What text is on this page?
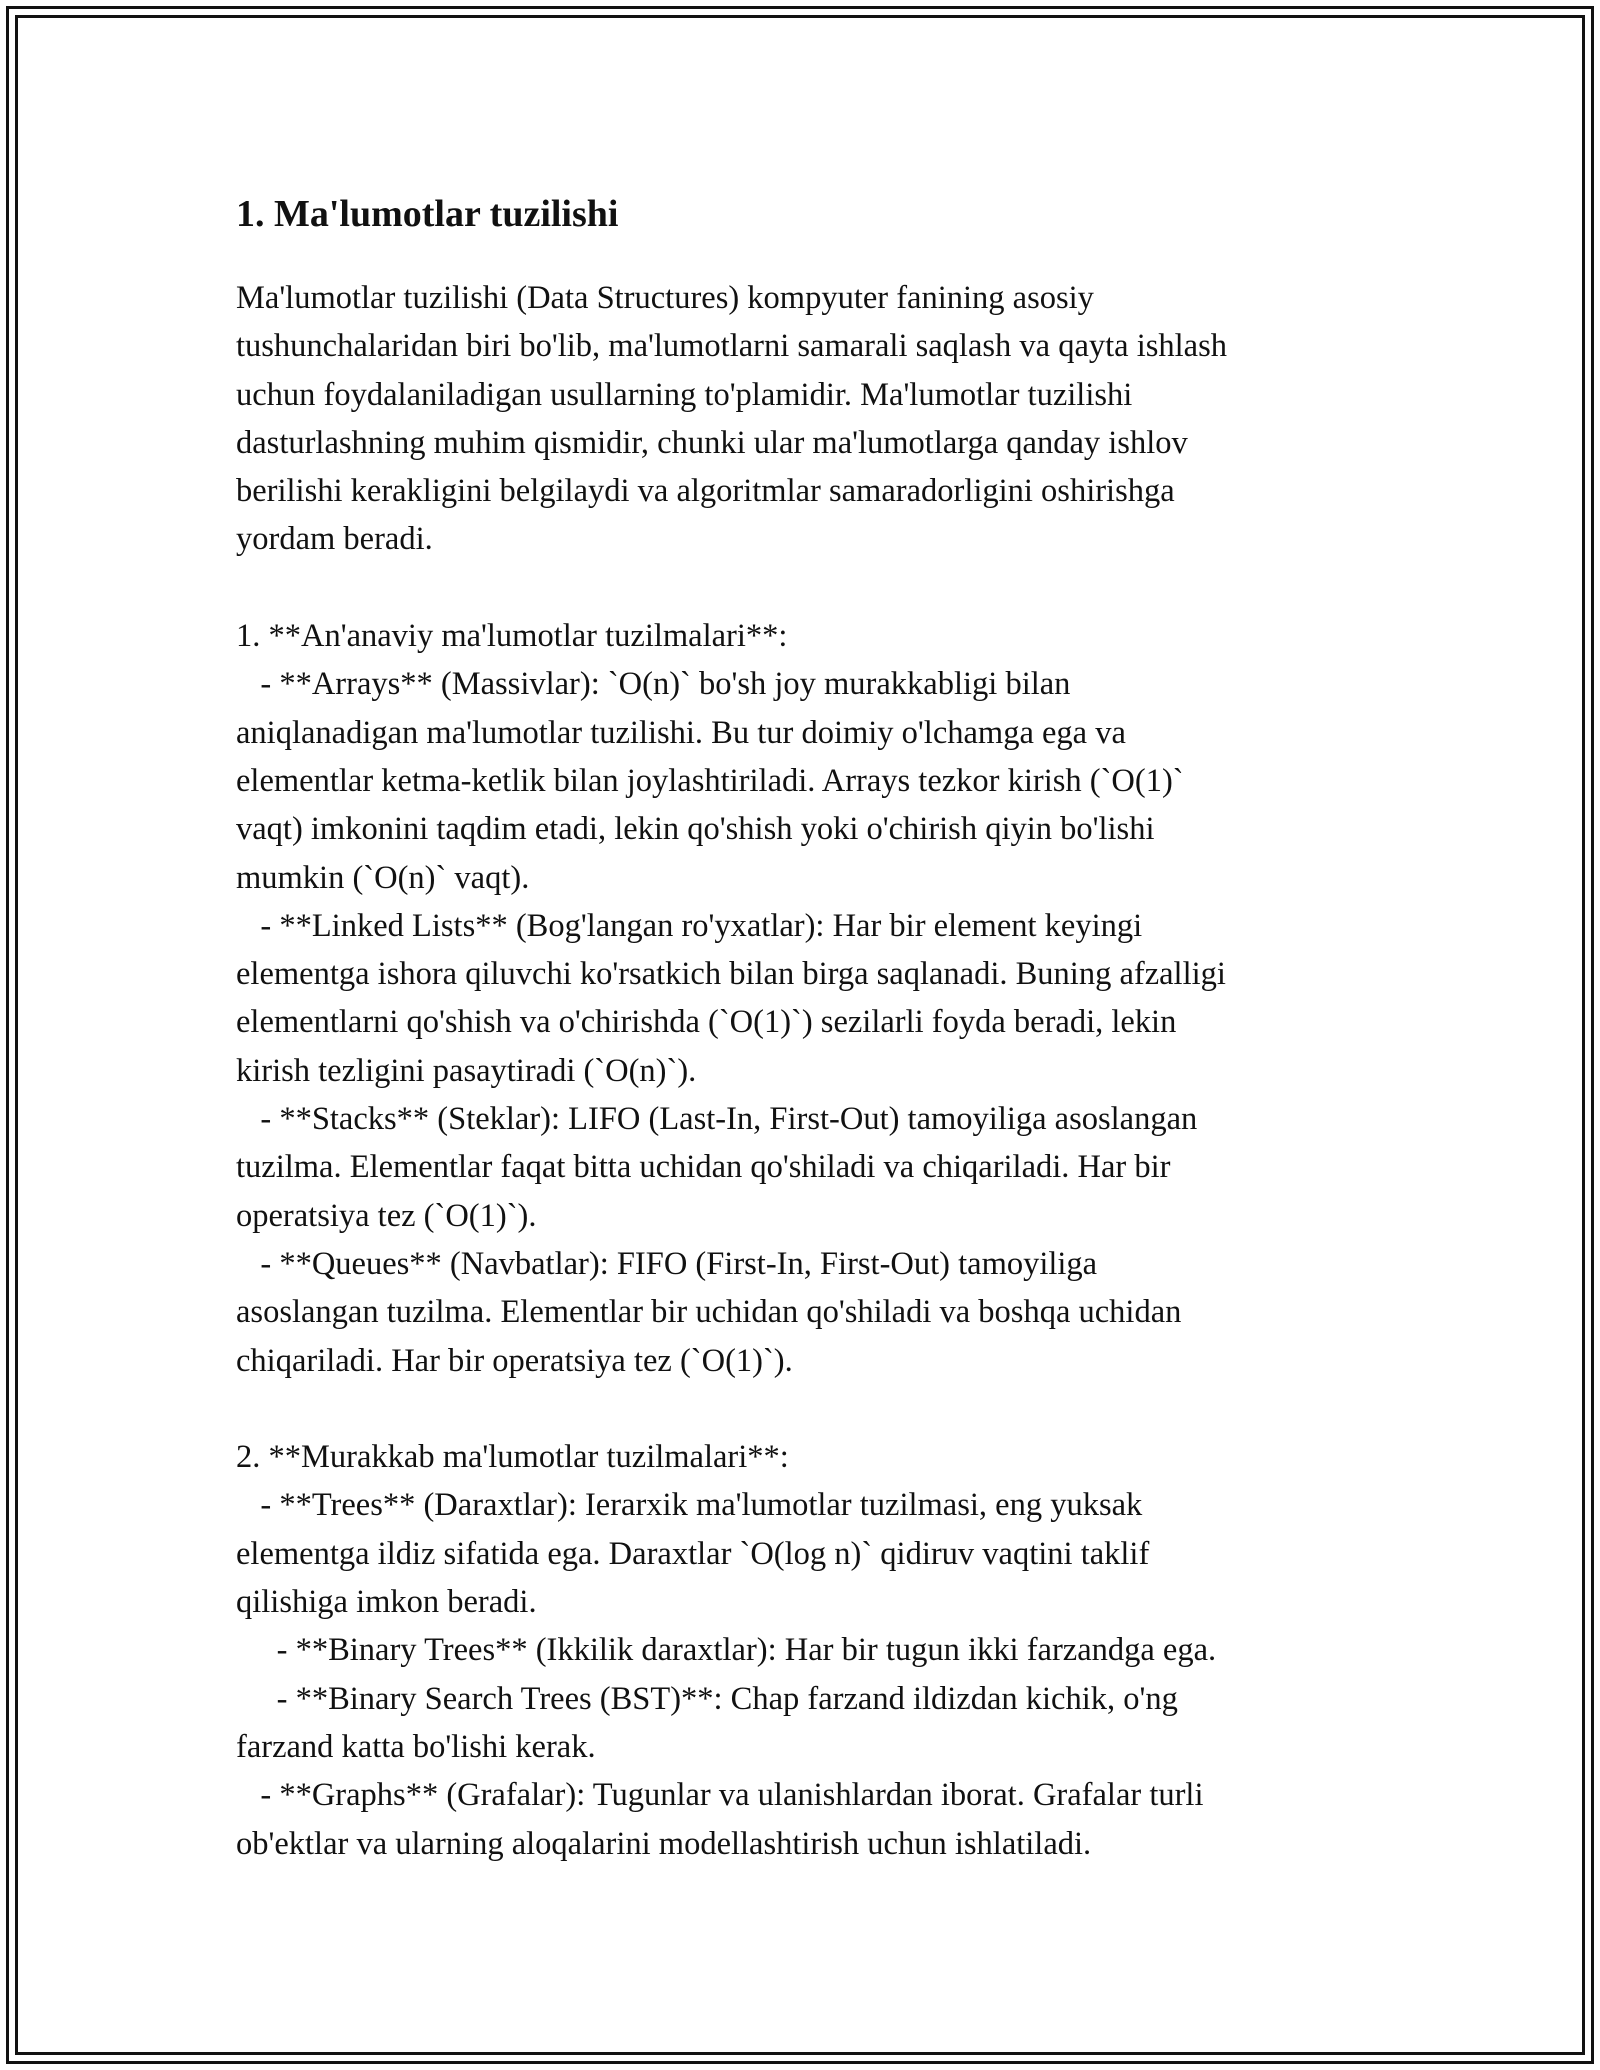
1. Ma'lumotlar tuzilishi

Ma'lumotlar tuzilishi (Data Structures) kompyuter fanining asosiy
tushunchalaridan biri bo'lib, ma'lumotlarni samarali saqlash va qayta ishlash
uchun foydalaniladigan usullarning to'plamidir. Ma'lumotlar tuzilishi
dasturlashning muhim qismidir, chunki ular ma'lumotlarga qanday ishlov
berilishi kerakligini belgilaydi va algoritmlar samaradorligini oshirishga
yordam beradi.

1. **An'anaviy ma'lumotlar tuzilmalari**:
- **Arrays** (Massivlar): `O(n)` bo'sh joy murakkabligi bilan
aniqlanadigan ma'lumotlar tuzilishi. Bu tur doimiy o'lchamga ega va
elementlar ketma-ketlik bilan joylashtiriladi. Arrays tezkor kirish (`O(1)`
vaqt) imkonini taqdim etadi, lekin qo'shish yoki o'chirish qiyin bo'lishi
mumkin (`O(n)` vaqt).
- **Linked Lists** (Bog'langan ro'yxatlar): Har bir element keyingi
elementga ishora qiluvchi ko'rsatkich bilan birga saqlanadi. Buning afzalligi
elementlarni qo'shish va o'chirishda (`O(1)`) sezilarli foyda beradi, lekin
kirish tezligini pasaytiradi (`O(n)`).
- **Stacks** (Steklar): LIFO (Last-In, First-Out) tamoyiliga asoslangan
tuzilma. Elementlar faqat bitta uchidan qo'shiladi va chiqariladi. Har bir
operatsiya tez (`O(1)`).
- **Queues** (Navbatlar): FIFO (First-In, First-Out) tamoyiliga
asoslangan tuzilma. Elementlar bir uchidan qo'shiladi va boshqa uchidan
chiqariladi. Har bir operatsiya tez (`O(1)`).

2. **Murakkab ma'lumotlar tuzilmalari**:
- **Trees** (Daraxtlar): Ierarxik ma'lumotlar tuzilmasi, eng yuksak
elementga ildiz sifatida ega. Daraxtlar `O(log n)` qidiruv vaqtini taklif
qilishiga imkon beradi.
- **Binary Trees** (Ikkilik daraxtlar): Har bir tugun ikki farzandga ega.
- **Binary Search Trees (BST)**: Chap farzand ildizdan kichik, o'ng
farzand katta bo'lishi kerak.
- **Graphs** (Grafalar): Tugunlar va ulanishlardan iborat. Grafalar turli
ob'ektlar va ularning aloqalarini modellashtirish uchun ishlatiladi.
